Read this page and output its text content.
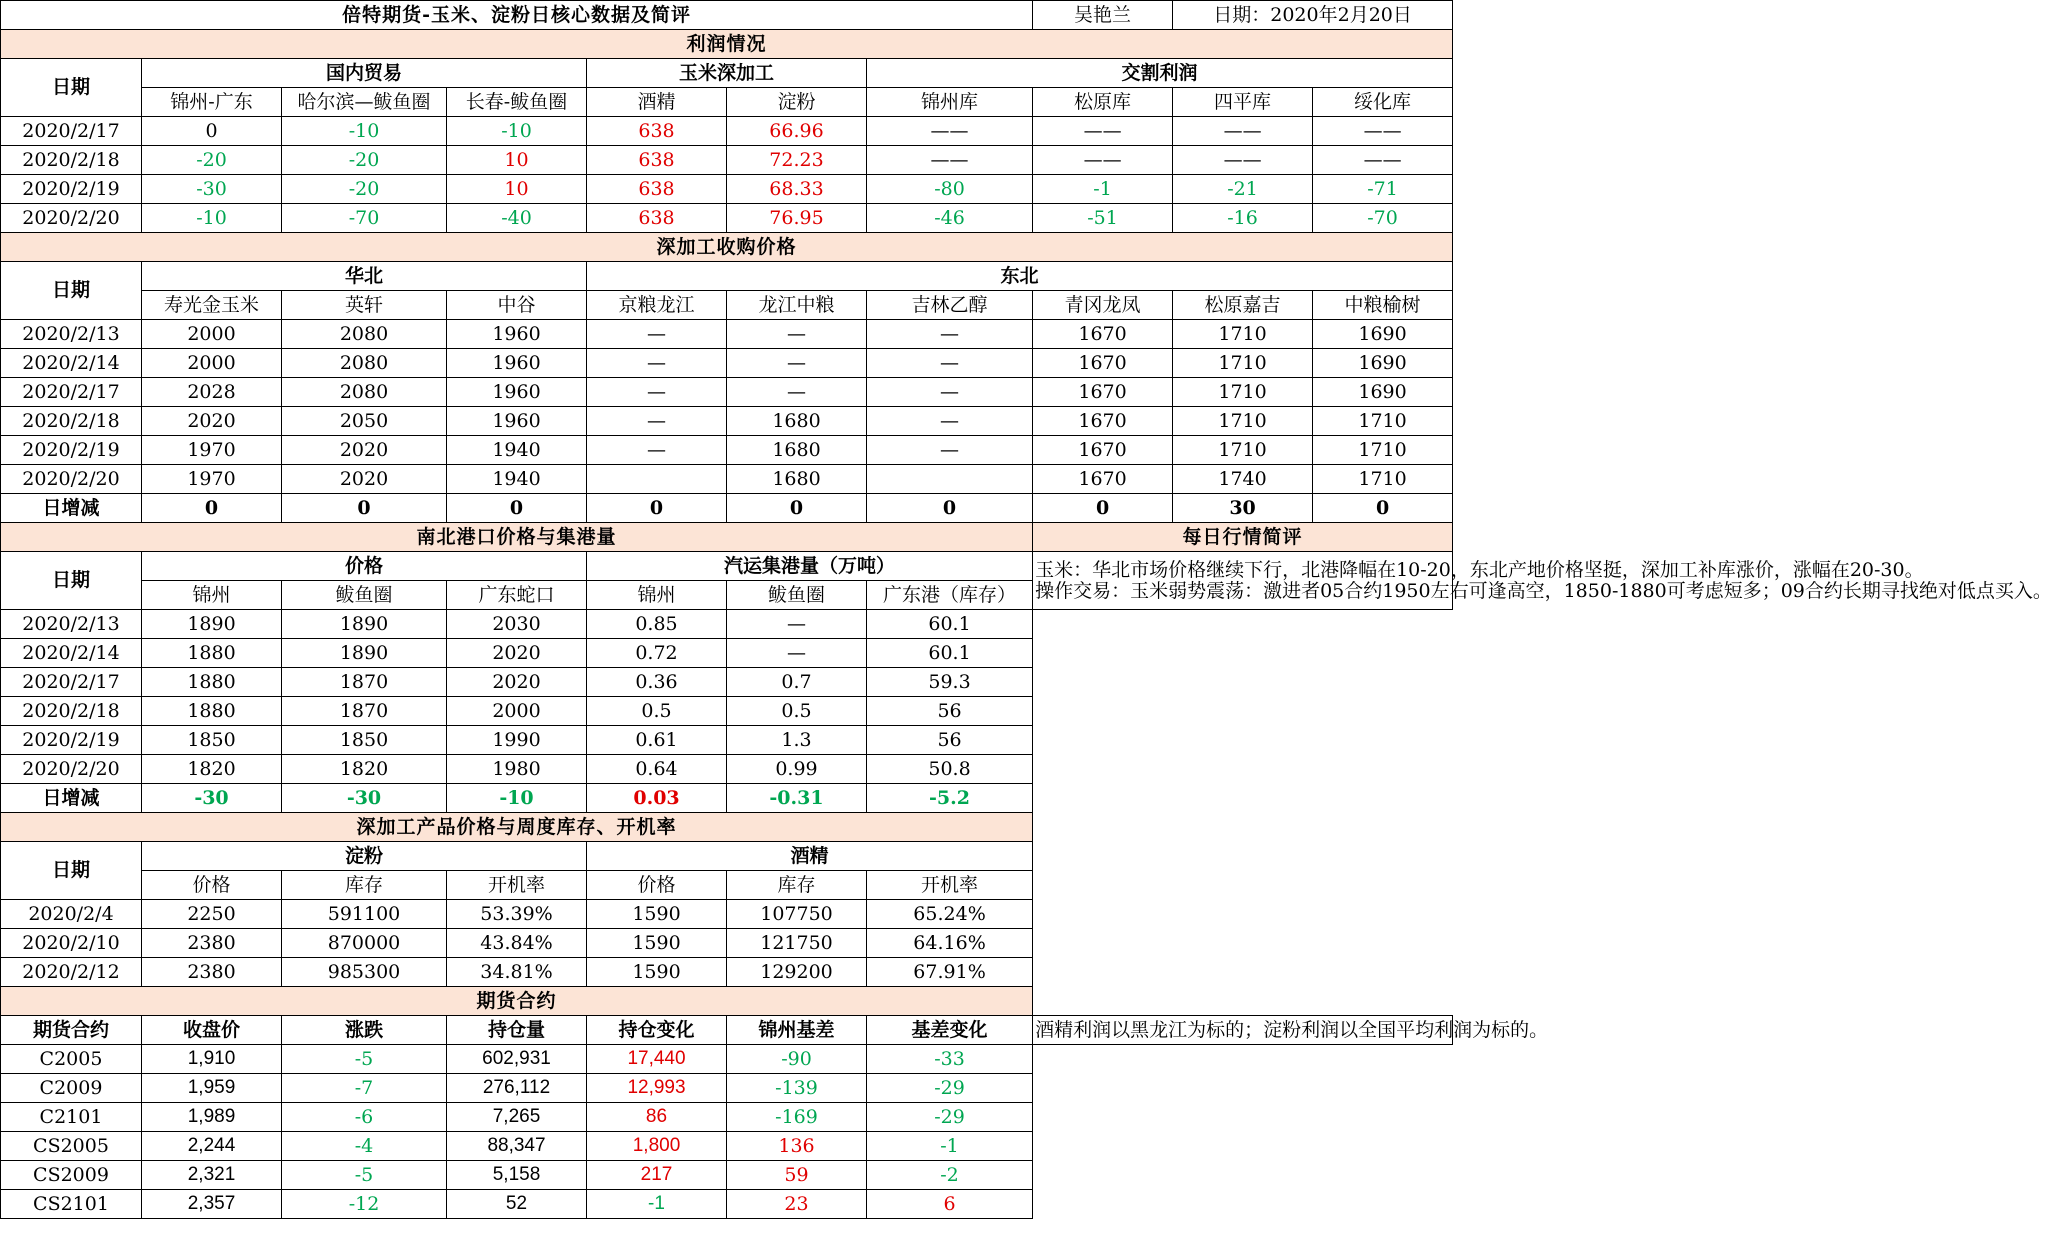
倍特期货-玉米、淀粉日核心数据及简评							吴艳兰	日期：2020年2月20日	
利润情况									
日期	国内贸易			玉米深加工		交割利润			
	锦州-广东	哈尔滨—鲅鱼圈	长春-鲅鱼圈	酒精	淀粉	锦州库	松原库	四平库	绥化库
2020/2/17	0	-10	-10	638	66.96	——	——	——	——
2020/2/18	-20	-20	10	638	72.23	——	——	——	——
2020/2/19	-30	-20	10	638	68.33	-80	-1	-21	-71
2020/2/20	-10	-70	-40	638	76.95	-46	-51	-16	-70
深加工收购价格									
日期	华北			东北					
	寿光金玉米	英轩	中谷	京粮龙江	龙江中粮	吉林乙醇	青冈龙凤	松原嘉吉	中粮榆树
2020/2/13	2000	2080	1960	—	—	—	1670	1710	1690
2020/2/14	2000	2080	1960	—	—	—	1670	1710	1690
2020/2/17	2028	2080	1960	—	—	—	1670	1710	1690
2020/2/18	2020	2050	1960	—	1680	—	1670	1710	1710
2020/2/19	1970	2020	1940	—	1680	—	1670	1710	1710
2020/2/20	1970	2020	1940		1680		1670	1740	1710
日增减	0	0	0	0	0	0	0	30	0
南北港口价格与集港量							每日行情简评		
日期	价格			汽运集港量（万吨）			玉米：华北市场价格继续下行，北港降幅在10-20，东北产地价格坚挺，深加工补库涨价，涨幅在20-30。

操作交易：玉米弱势震荡：激进者05合约1950左右可逢高空，1850-1880可考虑短多；09合约长期寻找绝对低点买入。		

	锦州	鲅鱼圈	广东蛇口	锦州	鲅鱼圈	广东港（库存）			
2020/2/13	1890	1890	2030	0.85	—	60.1			
2020/2/14	1880	1890	2020	0.72	—	60.1			
2020/2/17	1880	1870	2020	0.36	0.7	59.3			
2020/2/18	1880	1870	2000	0.5	0.5	56			
2020/2/19	1850	1850	1990	0.61	1.3	56			
2020/2/20	1820	1820	1980	0.64	0.99	50.8			
日增减	-30	-30	-10	0.03	-0.31	-5.2			
深加工产品价格与周度库存、开机率									
日期	淀粉			酒精					
	价格	库存	开机率	价格	库存	开机率			
2020/2/4	2250	591100	53.39%	1590	107750	65.24%			
2020/2/10	2380	870000	43.84%	1590	121750	64.16%			
2020/2/12	2380	985300	34.81%	1590	129200	67.91%			
期货合约									
期货合约	收盘价	涨跌	持仓量	持仓变化	锦州基差	基差变化	酒精利润以黑龙江为标的；淀粉利润以全国平均利润为标的。		
C2005	1,910	-5	602,931	17,440	-90	-33			
C2009	1,959	-7	276,112	12,993	-139	-29			
C2101	1,989	-6	7,265	86	-169	-29			
CS2005	2,244	-4	88,347	1,800	136	-1			
CS2009	2,321	-5	5,158	217	59	-2			
CS2101	2,357	-12	52	-1	23	6			
